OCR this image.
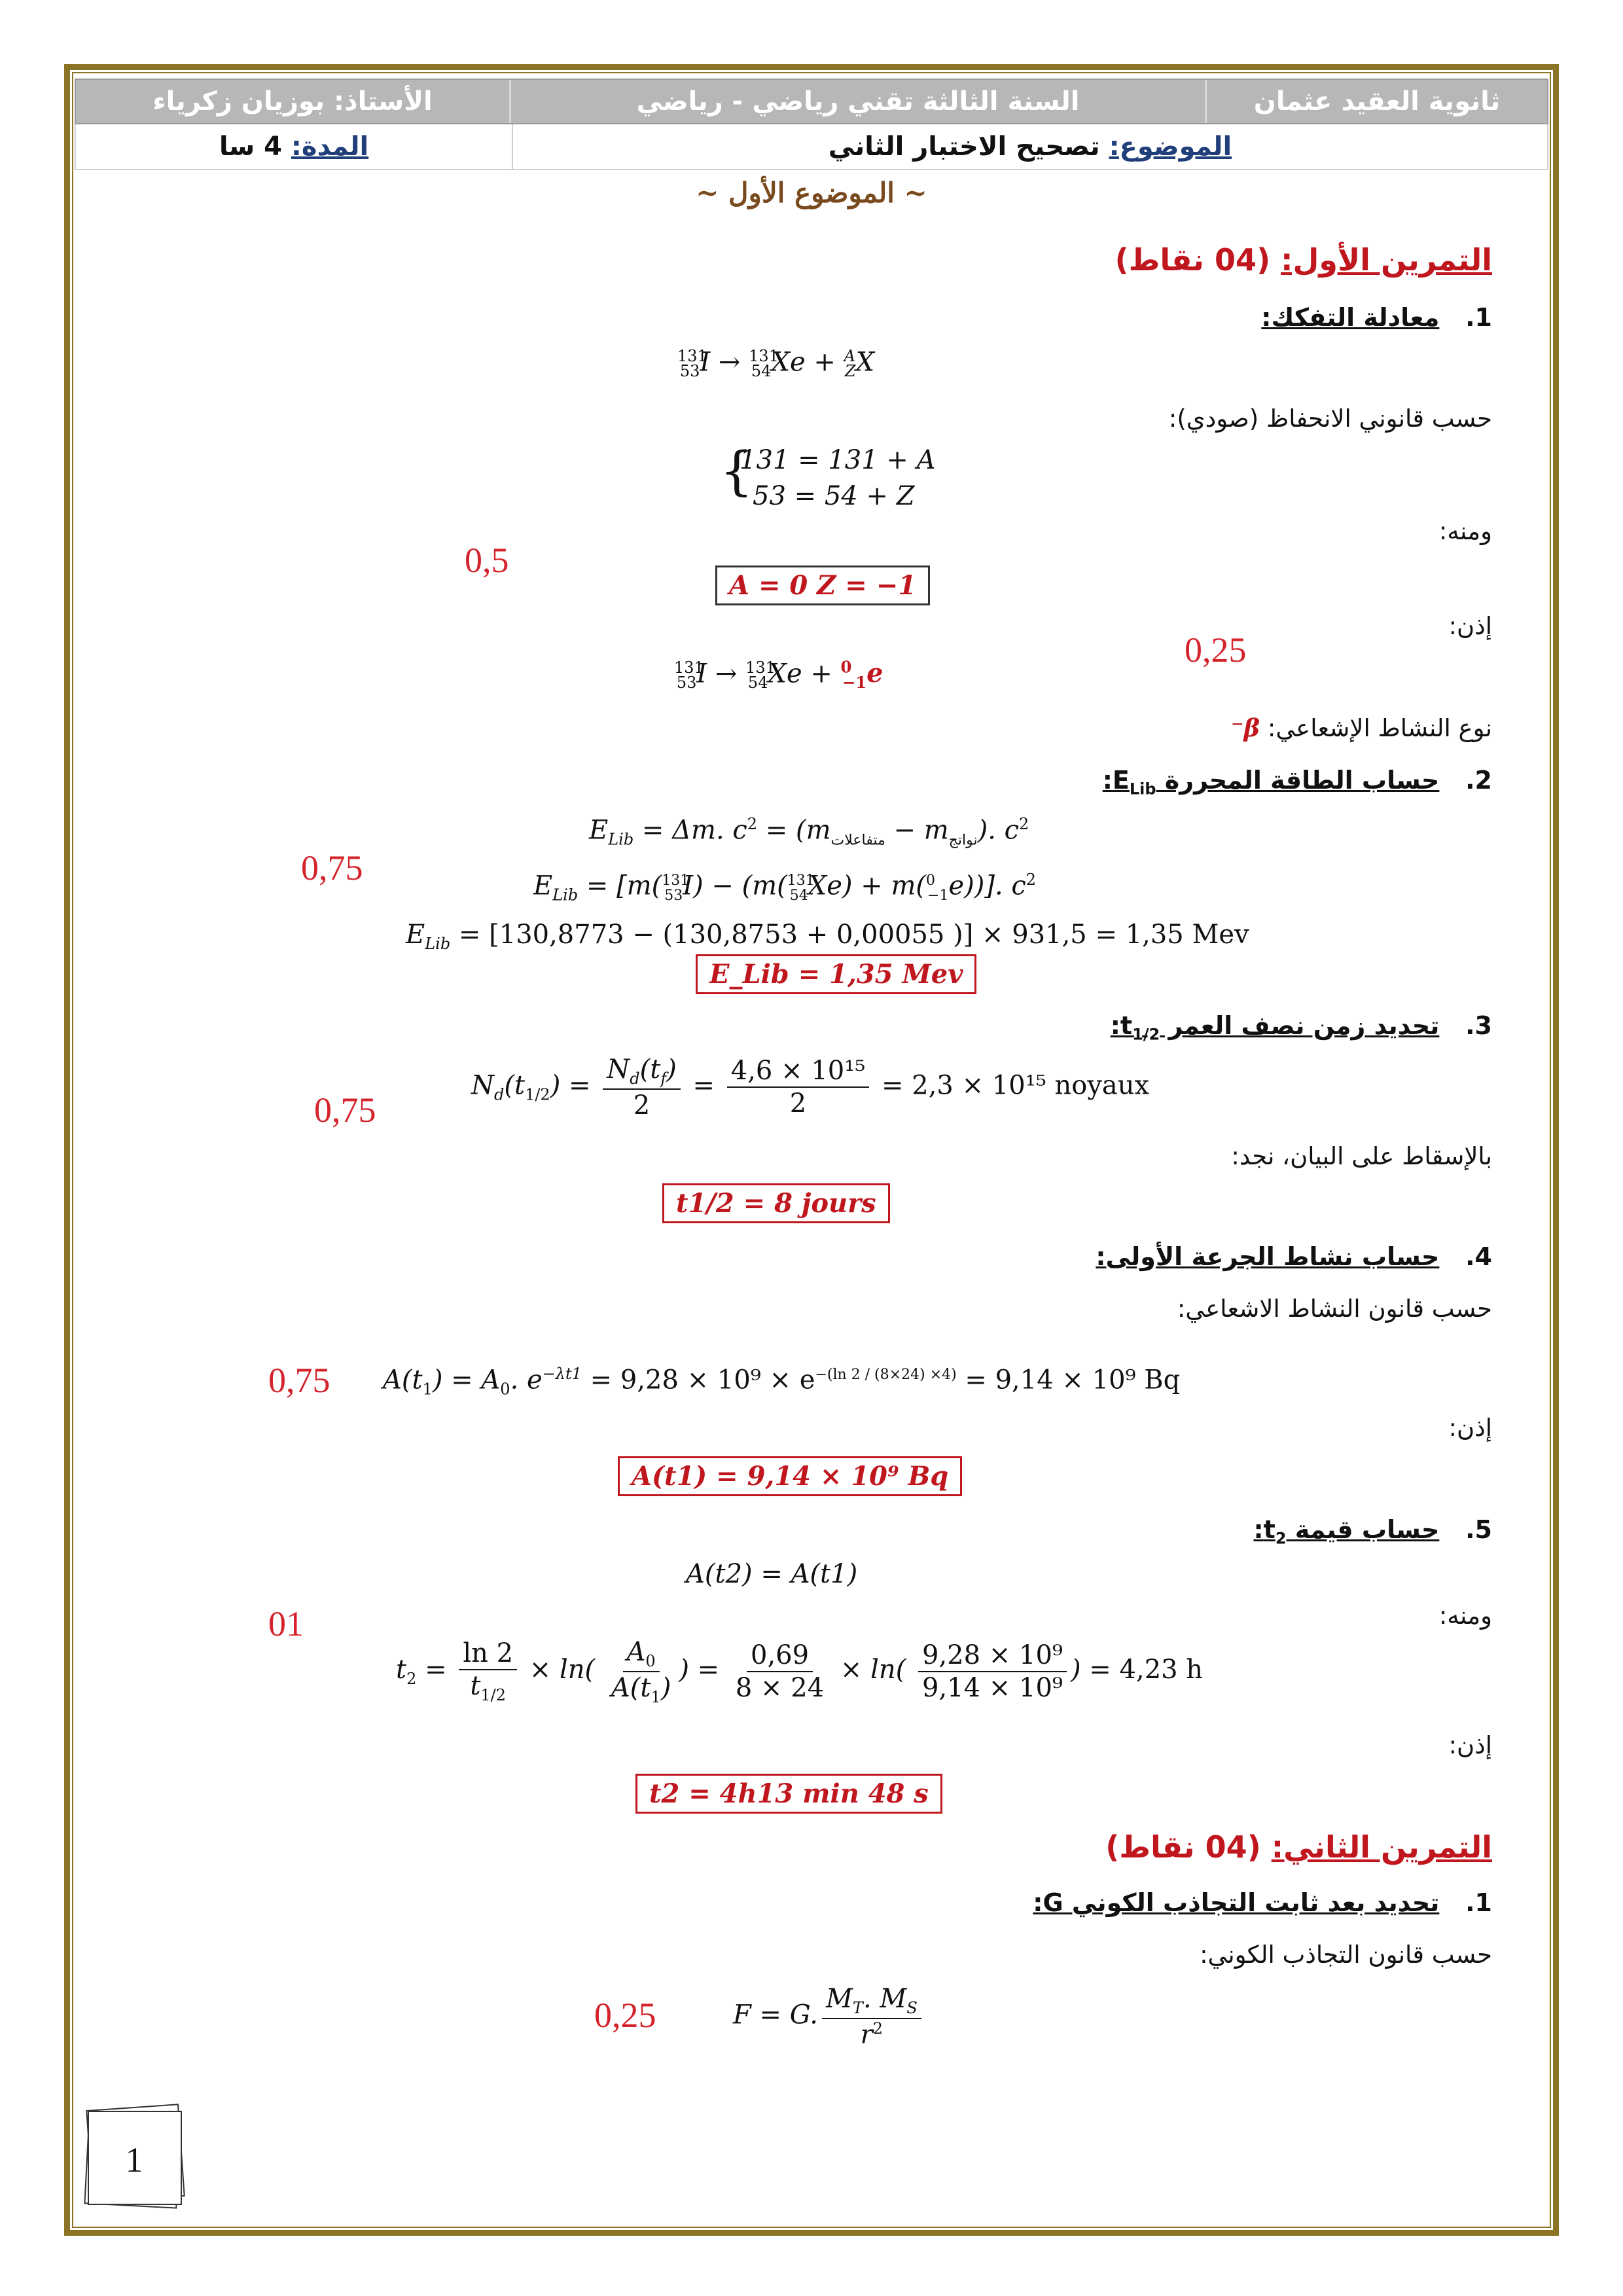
ثانوية العقيد عثمان
السنة الثالثة تقني رياضي - رياضي
الأستاذ: بوزيان زكرياء
الموضوع:

تصحيح الاختبار الثاني
المدة:

4 سا
~ الموضوع الأول ~
التمرين الأول: (04 نقاط)
1.   معادلة التفكك:
$^{131}_{53}$I → $^{131}_{54}$Xe + $^A_Z$X
حسب قانوني الانحفاظ (صودي):
{
131 = 131 + A
53 = 54 + Z
ومنه:
0,5
A = 0 Z = −1
إذن:
0,25
$^{131}_{53}$I → $^{131}_{54}$Xe + $^0_{-1}$e
نوع النشاط الإشعاعي: β⁻
2.   حساب الطاقة المحررة $E_{Lib}$:
$E_{Lib} = \Delta m$. $c^2 = (m_{متفاعلات} - m_{نواتج})$. $c^2$
0,75	$E_{Lib} = [m(^{131}_{53}I) - (m(^{131}_{54}Xe) + m(^0_{-1}e))]$. $c^2$
$E_{Lib} = [130,8773 - (130,8753 + 0,00055$ )] × 931,5 = 1,35 Mev
E_Lib = 1,35 Mev
3.   تحديد زمن نصف العمر $t_{1/2}$:
$N_d(t_{1/2}) = \frac{N_d(t_f)}{2} = \frac{\text{4,6 × 10¹⁵}}{2} = 2,3 \times 10^{15}$ noyaux
0,75
بالإسقاط على البيان، نجد:
t1/2 = 8 jours
4.   حساب نشاط الجرعة الأولى:
حسب قانون النشاط الاشعاعي:
$A(t_1) = A_0$. $e^{-\lambda t1} = 9,28 \times 10^9 \times e^{-(ln 2 / (8\times 24) \times 4)} = 9,14 \times 10^9$ Bq
0,75
إذن:
A(t1) = 9,14 × 10⁹ Bq
5.   حساب قيمة $t_2$:
A(t2) = A(t1)
ومنه:
01
$t_2 = \frac{\ln 2}{t_{1/2}} \times \ln( \frac{A_0}{A(t_1)}$ ) = $\frac{0,69}{8 \times 24} \times \ln( \frac{\text{9,28 × 10⁹}}{\text{9,14 × 10⁹}}$ ) = 4,23 h
إذن:
t2 = 4h13 min 48 s
التمرين الثاني: (04 نقاط)
1.   تحديد بعد ثابت التجاذب الكوني G:
حسب قانون التجاذب الكوني:
0,25	F = G. $\frac{M_T. M_S}{r^2}$
1
